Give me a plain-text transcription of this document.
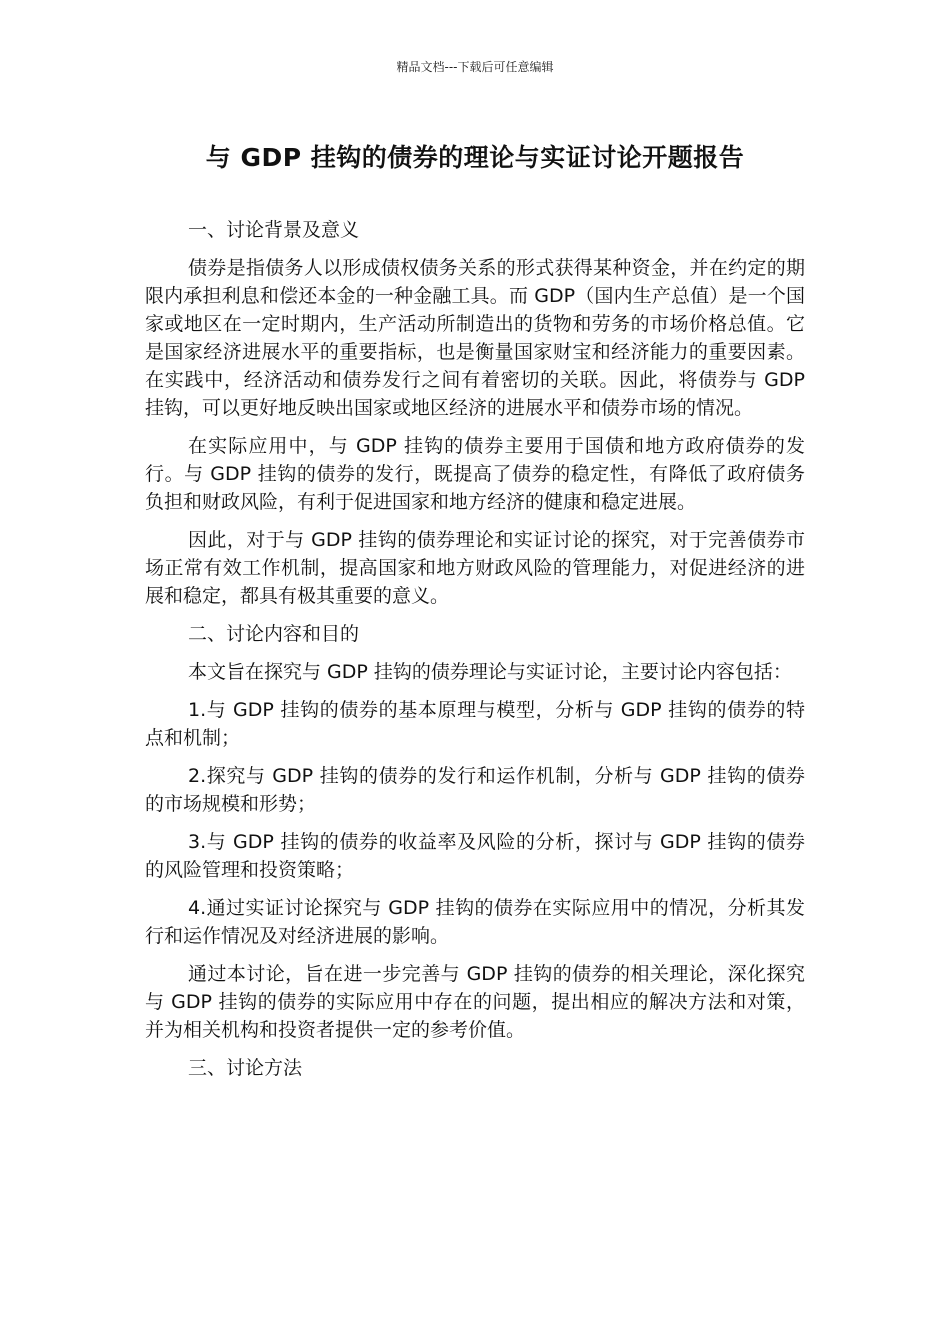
精品文档---下载后可任意编辑
与 GDP 挂钩的债券的理论与实证讨论开题报告

一、讨论背景及意义

债券是指债务人以形成债权债务关系的形式获得某种资金，并在约定的期限内承担利息和偿还本金的一种金融工具。而 GDP（国内生产总值）是一个国家或地区在一定时期内，生产活动所制造出的货物和劳务的市场价格总值。它是国家经济进展水平的重要指标，也是衡量国家财宝和经济能力的重要因素。在实践中，经济活动和债券发行之间有着密切的关联。因此，将债券与 GDP 挂钩，可以更好地反映出国家或地区经济的进展水平和债券市场的情况。

在实际应用中，与 GDP 挂钩的债券主要用于国债和地方政府债券的发行。与 GDP 挂钩的债券的发行，既提高了债券的稳定性，有降低了政府债务负担和财政风险，有利于促进国家和地方经济的健康和稳定进展。

因此，对于与 GDP 挂钩的债券理论和实证讨论的探究，对于完善债券市场正常有效工作机制，提高国家和地方财政风险的管理能力，对促进经济的进展和稳定，都具有极其重要的意义。

二、讨论内容和目的

本文旨在探究与 GDP 挂钩的债券理论与实证讨论，主要讨论内容包括：

1.与 GDP 挂钩的债券的基本原理与模型，分析与 GDP 挂钩的债券的特点和机制；

2.探究与 GDP 挂钩的债券的发行和运作机制，分析与 GDP 挂钩的债券的市场规模和形势；

3.与 GDP 挂钩的债券的收益率及风险的分析，探讨与 GDP 挂钩的债券的风险管理和投资策略；

4.通过实证讨论探究与 GDP 挂钩的债券在实际应用中的情况，分析其发行和运作情况及对经济进展的影响。

通过本讨论，旨在进一步完善与 GDP 挂钩的债券的相关理论，深化探究与 GDP 挂钩的债券的实际应用中存在的问题，提出相应的解决方法和对策，并为相关机构和投资者提供一定的参考价值。

三、讨论方法
